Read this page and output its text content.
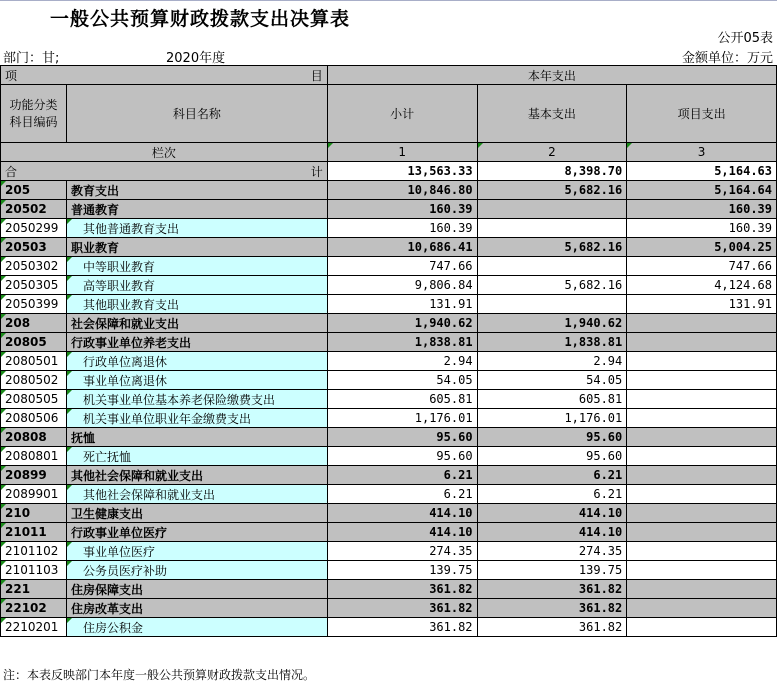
一般公共预算财政拨款支出决算表
公开05表
部门：甘;	2020年度	金额单位：万元
项 目		本年支出		

功能分类
科目编码	科目名称	小计	基本支出	项目支出
栏次		1	2	3

合 计		13,563.33	8,398.70	5,164.63
205	教育支出	10,846.80	5,682.16	5,164.64
20502	普通教育	160.39		160.39
2050299	其他普通教育支出	160.39		160.39
20503	职业教育	10,686.41	5,682.16	5,004.25
2050302	中等职业教育	747.66		747.66
2050305	高等职业教育	9,806.84	5,682.16	4,124.68
2050399	其他职业教育支出	131.91		131.91
208	社会保障和就业支出	1,940.62	1,940.62	
20805	行政事业单位养老支出	1,838.81	1,838.81	
2080501	行政单位离退休	2.94	2.94	
2080502	事业单位离退休	54.05	54.05	
2080505	机关事业单位基本养老保险缴费支出	605.81	605.81	
2080506	机关事业单位职业年金缴费支出	1,176.01	1,176.01	
20808	抚恤	95.60	95.60	
2080801	死亡抚恤	95.60	95.60	
20899	其他社会保障和就业支出	6.21	6.21	
2089901	其他社会保障和就业支出	6.21	6.21	
210	卫生健康支出	414.10	414.10	
21011	行政事业单位医疗	414.10	414.10	
2101102	事业单位医疗	274.35	274.35	
2101103	公务员医疗补助	139.75	139.75	
221	住房保障支出	361.82	361.82	
22102	住房改革支出	361.82	361.82	
2210201	住房公积金	361.82	361.82	
注：本表反映部门本年度一般公共预算财政拨款支出情况。
